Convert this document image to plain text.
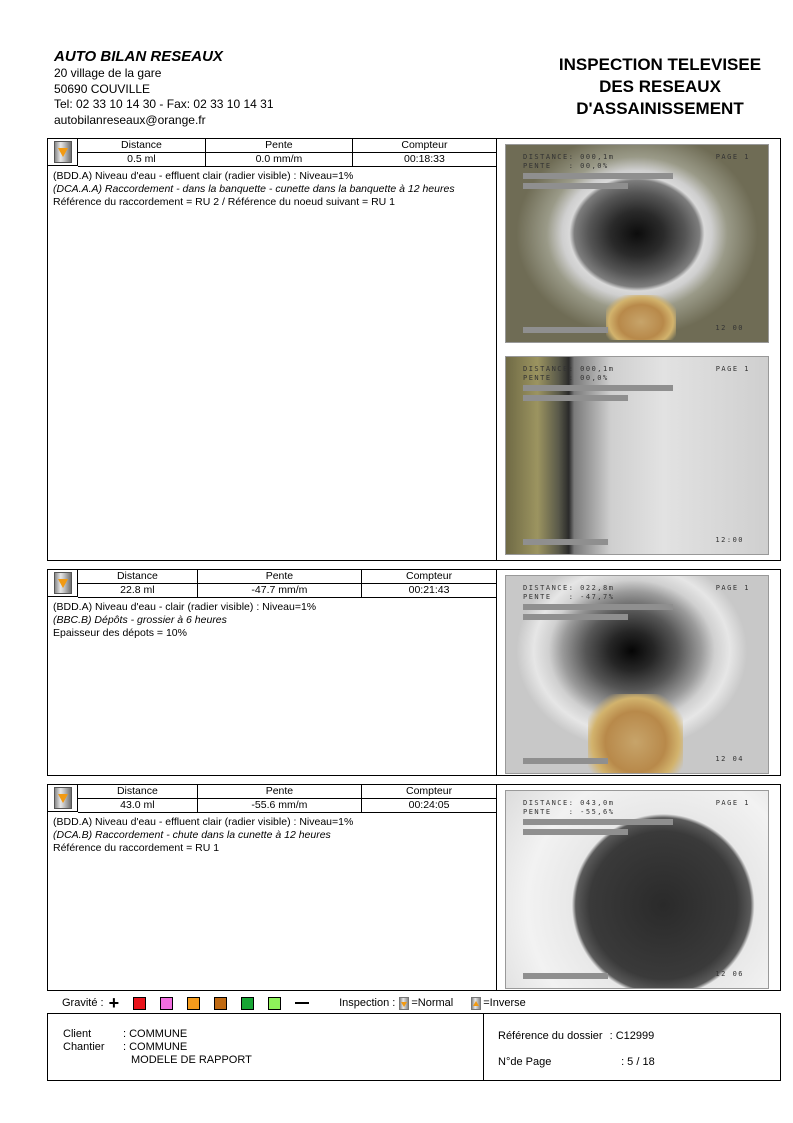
AUTO BILAN RESEAUX
20 village de la gare
50690 COUVILLE
Tel: 02 33 10 14 30 - Fax: 02 33 10 14 31
autobilanreseaux@orange.fr
INSPECTION TELEVISEE
DES RESEAUX
D'ASSAINISSEMENT
Distance	Pente	Compteur
0.5 ml	0.0 mm/m	00:18:33
(BDD.A) Niveau d'eau - effluent clair (radier visible) : Niveau=1%
(DCA.A.A) Raccordement - dans la banquette - cunette dans la banquette à 12 heures
Référence du raccordement = RU 2 / Référence du noeud suivant = RU 1
DISTANCE: 000,1m
PENTE   : 00,0%
PAGE 1
12 00
DISTANCE: 000,1m
PENTE   : 00,0%
PAGE 1
12:00
Distance	Pente	Compteur
22.8 ml	-47.7 mm/m	00:21:43
(BDD.A) Niveau d'eau - clair (radier visible) : Niveau=1%
(BBC.B) Dépôts - grossier à 6 heures
Epaisseur des dépots = 10%
DISTANCE: 022,8m
PENTE   : -47,7%
PAGE 1
12 04
Distance	Pente	Compteur
43.0 ml	-55.6 mm/m	00:24:05
(BDD.A) Niveau d'eau - effluent clair (radier visible) : Niveau=1%
(DCA.B) Raccordement - chute dans la cunette à 12 heures
Référence du raccordement = RU 1
DISTANCE: 043,0m
PENTE   : -55,6%
PAGE 1
12 06
Gravité : +	Inspection : =Normal	=Inverse
Client	: COMMUNE
Chantier	: COMMUNE
MODELE DE RAPPORT
Référence du dossier : C12999
N°de Page	: 5 / 18
